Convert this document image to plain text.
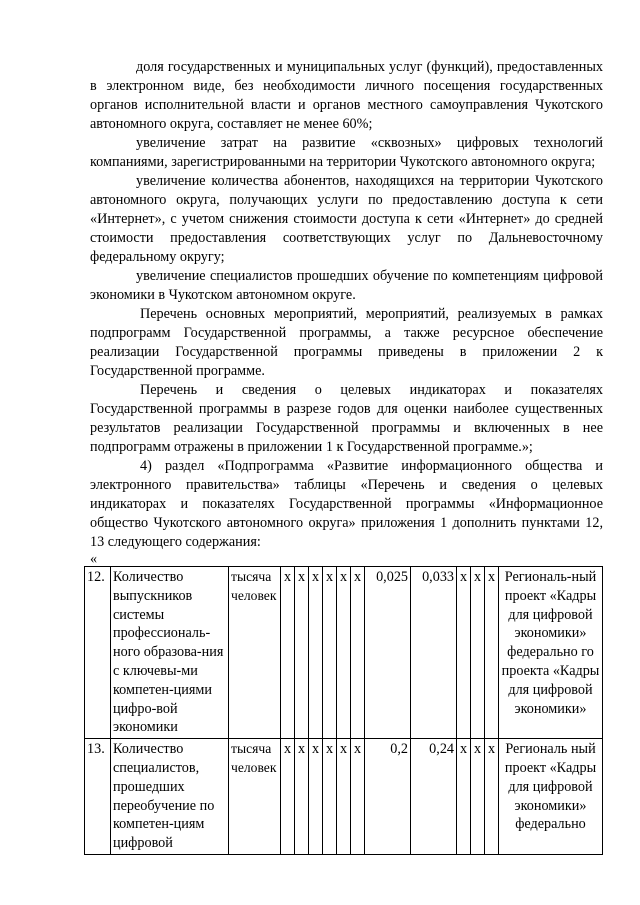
доля государственных и муниципальных услуг (функций), предоставленных в электронном виде, без необходимости личного посещения государственных органов исполнительной власти и органов местного самоуправления Чукотского автономного округа, составляет не менее 60%;

увеличение затрат на развитие «сквозных» цифровых технологий компаниями, зарегистрированными на территории Чукотского автономного округа;

увеличение количества абонентов, находящихся на территории Чукотского автономного округа, получающих услуги по предоставлению доступа к сети «Интернет», с учетом снижения стоимости доступа к сети «Интернет» до средней стоимости предоставления соответствующих услуг по Дальневосточному федеральному округу;

увеличение специалистов прошедших обучение по компетенциям цифровой экономики в Чукотском автономном округе.

Перечень основных мероприятий, мероприятий, реализуемых в рамках подпрограмм Государственной программы, а также ресурсное обеспечение реализации Государственной программы приведены в приложении 2 к Государственной программе.

Перечень и сведения о целевых индикаторах и показателях Государственной программы в разрезе годов для оценки наиболее существенных результатов реализации Государственной программы и включенных в нее подпрограмм отражены в приложении 1 к Государственной программе.»;

4) раздел «Подпрограмма «Развитие информационного общества и электронного правительства» таблицы «Перечень и сведения о целевых индикаторах и показателях Государственной программы «Информационное общество Чукотского автономного округа» приложения 1 дополнить пунктами 12, 13 следующего содержания:

«

12.	Количество выпускников системы профессиональ-ного образова-ния с ключевы-ми компетен-циями цифро-вой экономики	тысяча человек	x	x	x	x	x	x	0,025	0,033	x	x	x	Региональ-ный проект «Кадры для цифровой экономики» федерально го проекта «Кадры для цифровой экономики»
13.	Количество специалистов, прошедших переобучение по компетен-циям цифровой	тысяча человек	x	x	x	x	x	x	0,2	0,24	x	x	x	Региональ ный проект «Кадры для цифровой экономики» федерально
